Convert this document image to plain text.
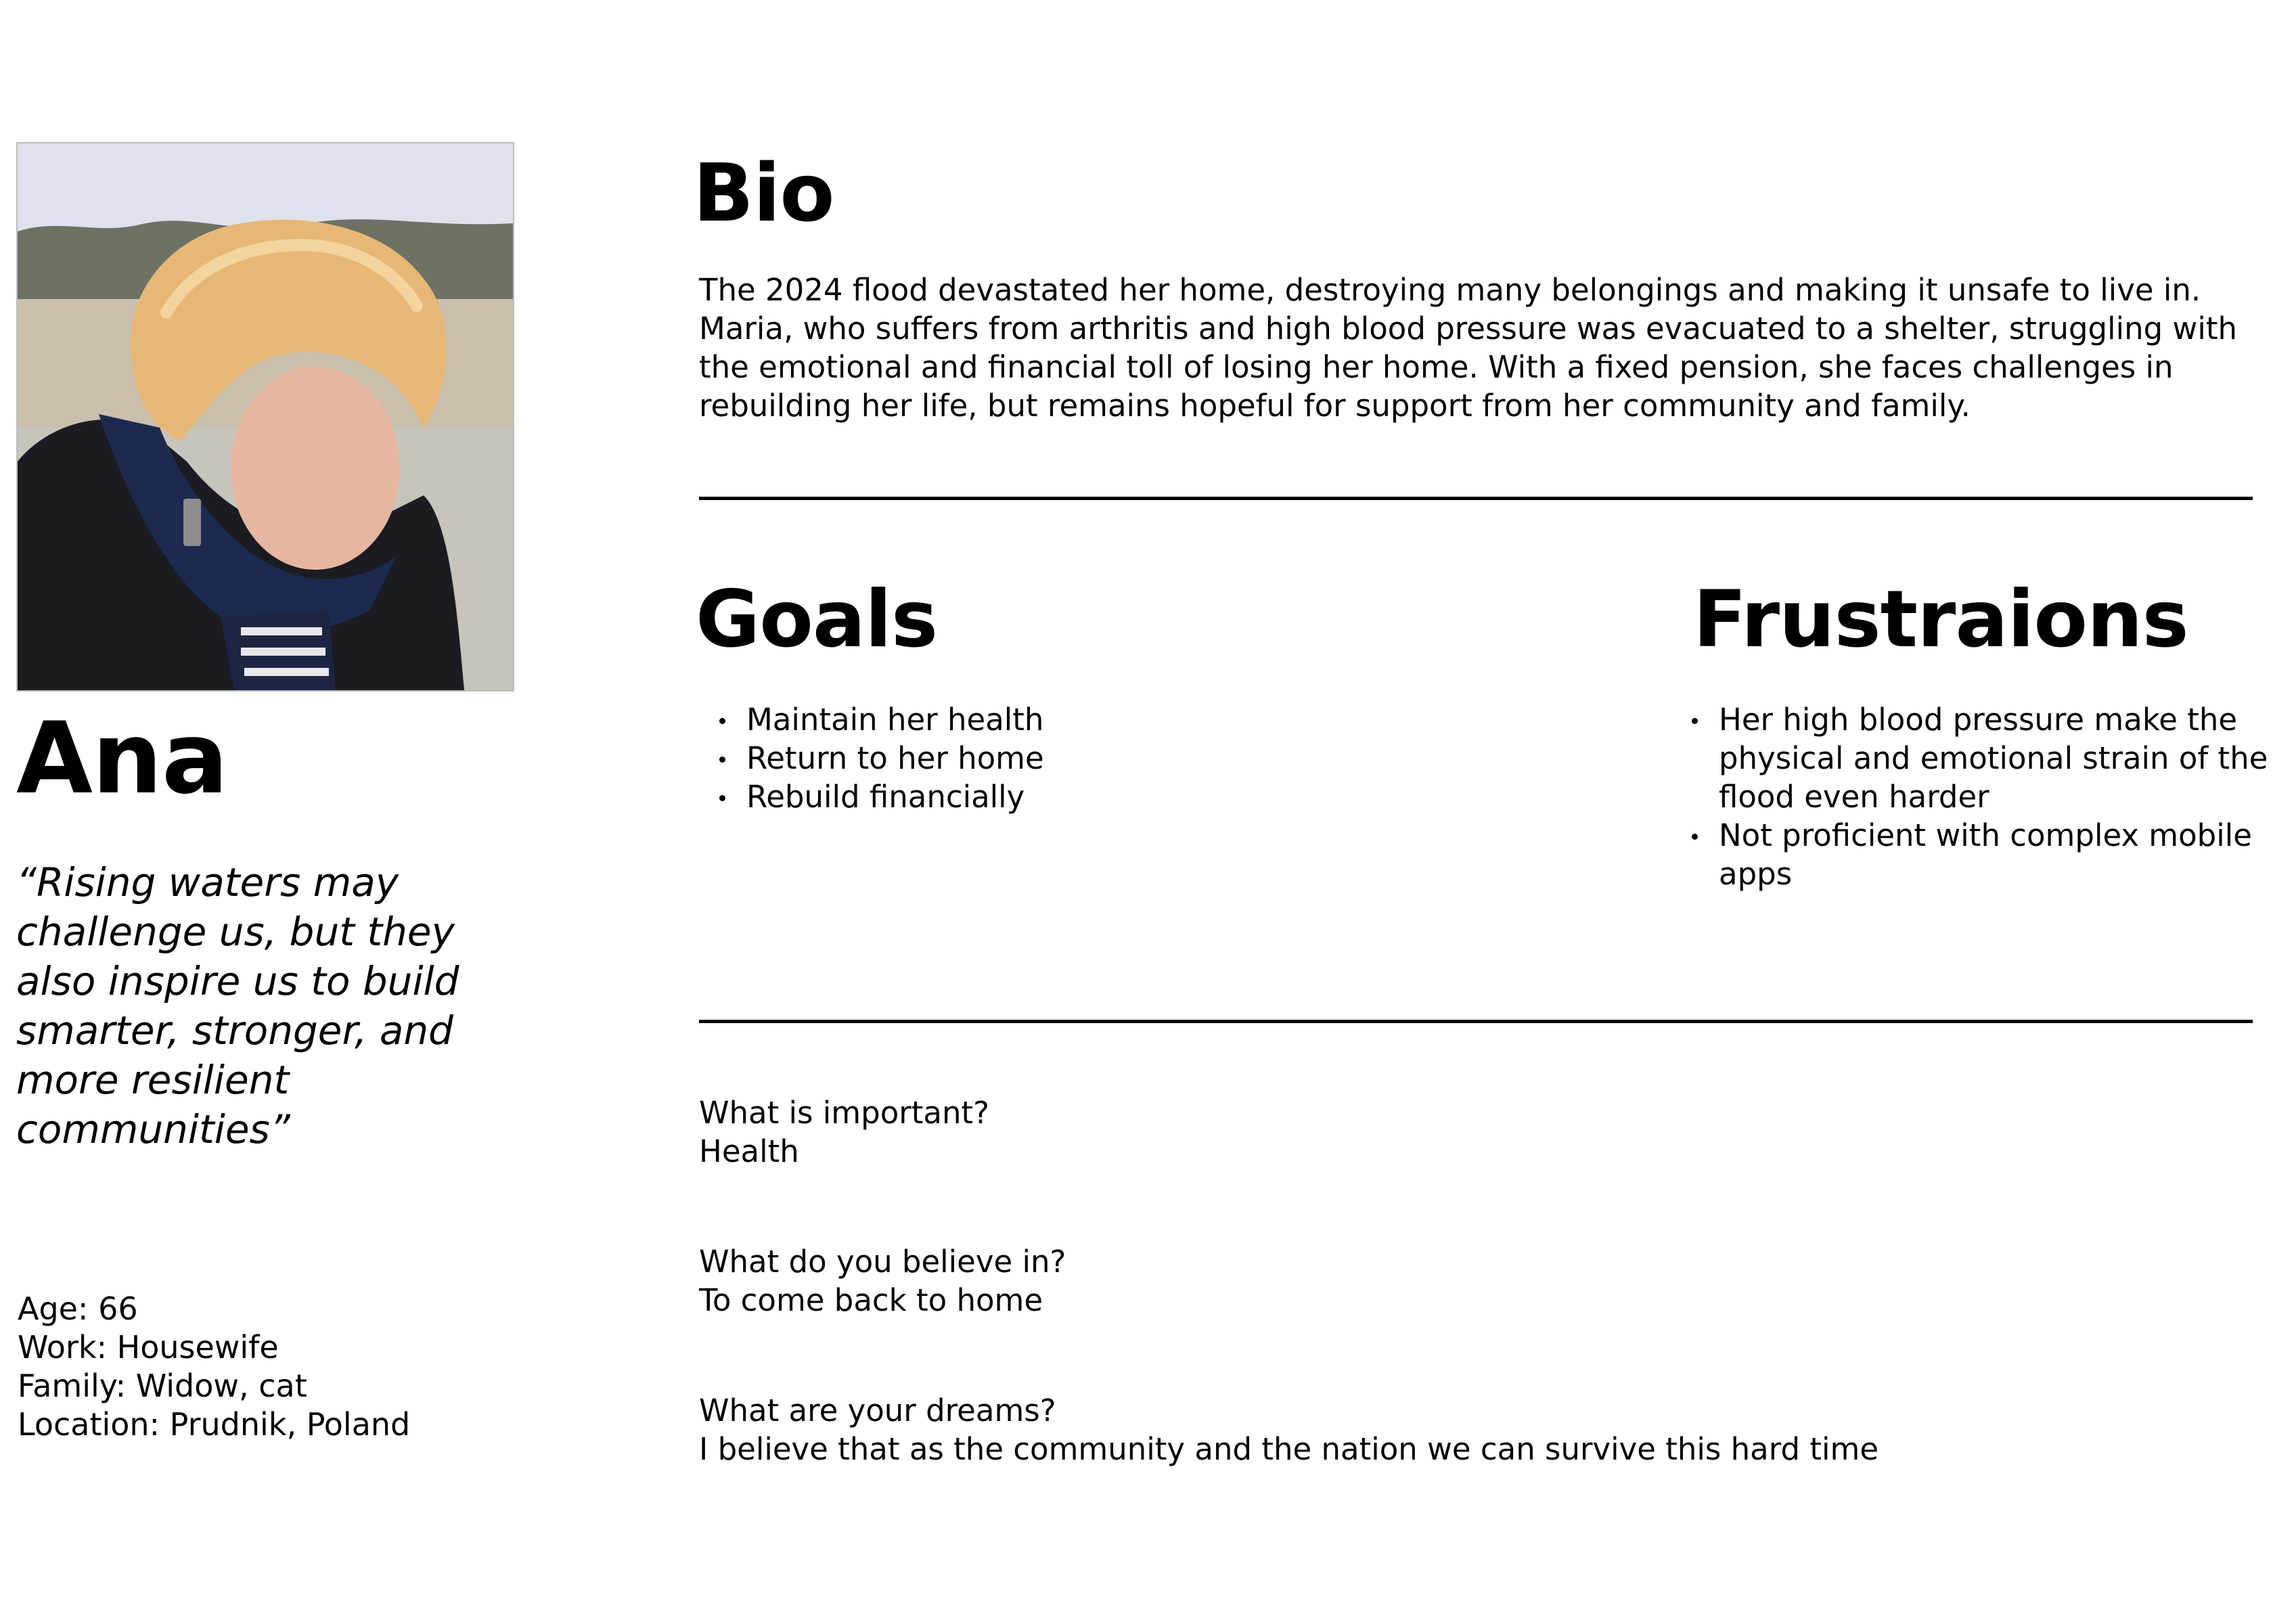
Ana

“Rising waters may challenge us, but they also inspire us to build smarter, stronger, and more resilient communities”

Age: 66
Work: Housewife
Family: Widow, cat
Location: Prudnik, Poland
Bio

The 2024 flood devastated her home, destroying many belongings and making it unsafe to live in. Maria, who suffers from arthritis and high blood pressure was evacuated to a shelter, struggling with the emotional and financial toll of losing her home. With a fixed pension, she faces challenges in rebuilding her life, but remains hopeful for support from her community and family.

Goals
Maintain her health
Return to her home
Rebuild financially
Frustraions
Her high blood pressure make the physical and emotional strain of the flood even harder
Not proficient with complex mobile apps
What is important?
Health
What do you believe in?
To come back to home
What are your dreams?
I believe that as the community and the nation we can survive this hard time
